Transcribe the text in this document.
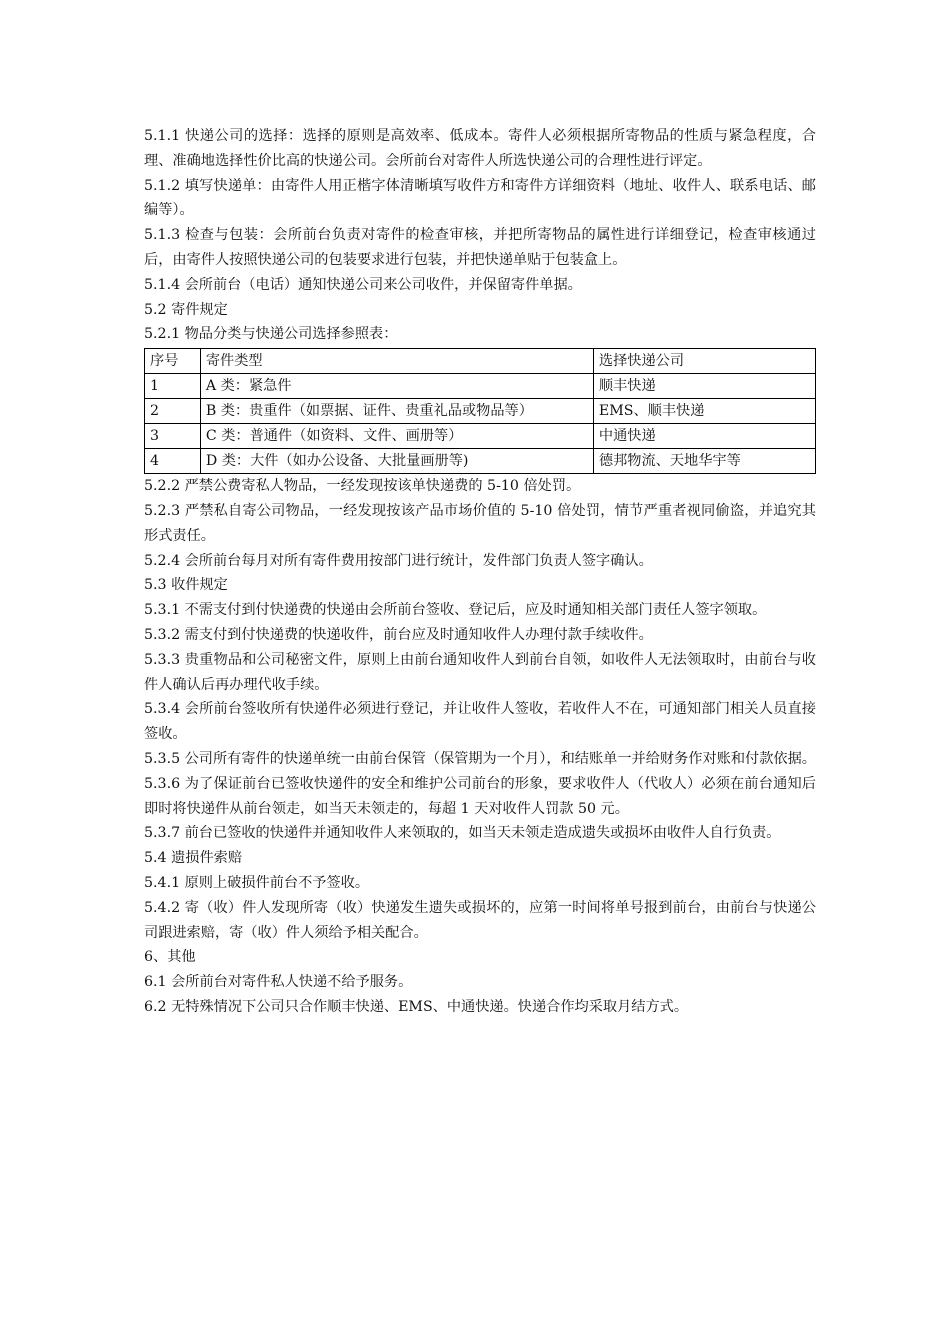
5.1.1 快递公司的选择：选择的原则是高效率、低成本。寄件人必须根据所寄物品的性质与紧急程度，合理、准确地选择性价比高的快递公司。会所前台对寄件人所选快递公司的合理性进行评定。

5.1.2 填写快递单：由寄件人用正楷字体清晰填写收件方和寄件方详细资料（地址、收件人、联系电话、邮编等）。

5.1.3 检查与包装：会所前台负责对寄件的检查审核，并把所寄物品的属性进行详细登记，检查审核通过后，由寄件人按照快递公司的包装要求进行包装，并把快递单贴于包装盒上。

5.1.4 会所前台（电话）通知快递公司来公司收件，并保留寄件单据。

5.2 寄件规定

5.2.1 物品分类与快递公司选择参照表：

序号	寄件类型	选择快递公司
1	A 类：紧急件	顺丰快递
2	B 类：贵重件（如票据、证件、贵重礼品或物品等）	EMS、顺丰快递
3	C 类：普通件（如资料、文件、画册等）	中通快递
4	D 类：大件（如办公设备、大批量画册等)	德邦物流、天地华宇等

5.2.2 严禁公费寄私人物品，一经发现按该单快递费的 5-10 倍处罚。

5.2.3 严禁私自寄公司物品，一经发现按该产品市场价值的 5-10 倍处罚，情节严重者视同偷盗，并追究其形式责任。

5.2.4 会所前台每月对所有寄件费用按部门进行统计，发件部门负责人签字确认。

5.3 收件规定

5.3.1 不需支付到付快递费的快递由会所前台签收、登记后，应及时通知相关部门责任人签字领取。

5.3.2 需支付到付快递费的快递收件，前台应及时通知收件人办理付款手续收件。

5.3.3 贵重物品和公司秘密文件，原则上由前台通知收件人到前台自领，如收件人无法领取时，由前台与收件人确认后再办理代收手续。

5.3.4 会所前台签收所有快递件必须进行登记，并让收件人签收，若收件人不在，可通知部门相关人员直接签收。

5.3.5 公司所有寄件的快递单统一由前台保管（保管期为一个月），和结账单一并给财务作对账和付款依据。

5.3.6 为了保证前台已签收快递件的安全和维护公司前台的形象，要求收件人（代收人）必须在前台通知后即时将快递件从前台领走，如当天未领走的，每超 1 天对收件人罚款 50 元。

5.3.7 前台已签收的快递件并通知收件人来领取的，如当天未领走造成遗失或损坏由收件人自行负责。

5.4 遗损件索赔

5.4.1 原则上破损件前台不予签收。

5.4.2 寄（收）件人发现所寄（收）快递发生遗失或损坏的，应第一时间将单号报到前台，由前台与快递公司跟进索赔，寄（收）件人须给予相关配合。

6、其他

6.1 会所前台对寄件私人快递不给予服务。

6.2 无特殊情况下公司只合作顺丰快递、EMS、中通快递。快递合作均采取月结方式。
